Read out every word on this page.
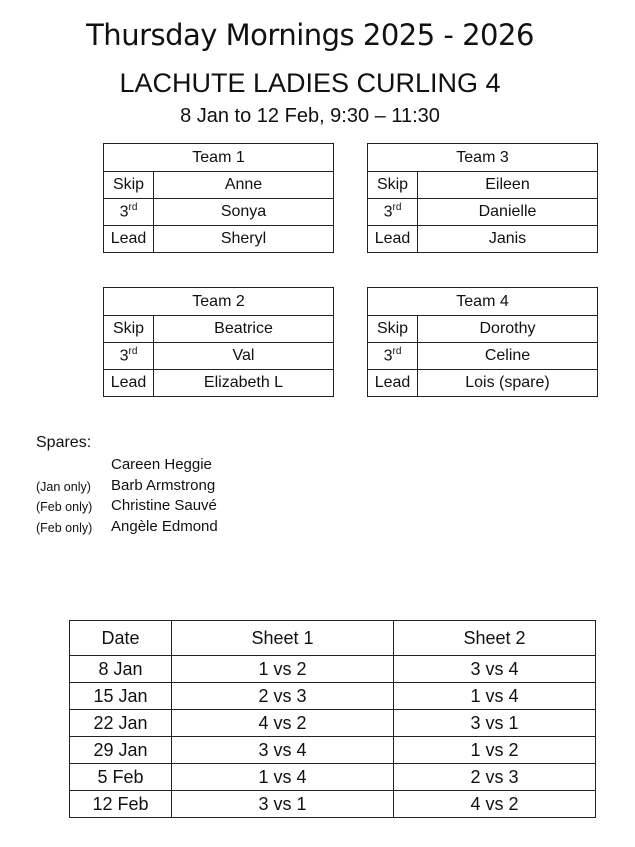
Thursday Mornings 2025 - 2026
LACHUTE LADIES CURLING 4
8 Jan to 12 Feb, 9:30 – 11:30
Team 1	
Skip	Anne
3rd	Sonya
Lead	Sheryl
Team 2	
Skip	Beatrice
3rd	Val
Lead	Elizabeth L
Team 3	
Skip	Eileen
3rd	Danielle
Lead	Janis
Team 4	
Skip	Dorothy
3rd	Celine
Lead	Lois (spare)
Spares:
Careen Heggie
(Jan only) Barb Armstrong
(Feb only) Christine Sauvé
(Feb only) Angèle Edmond
Date	Sheet 1	Sheet 2
8 Jan	1 vs 2	3 vs 4
15 Jan	2 vs 3	1 vs 4
22 Jan	4 vs 2	3 vs 1
29 Jan	3 vs 4	1 vs 2
5 Feb	1 vs 4	2 vs 3
12 Feb	3 vs 1	4 vs 2
